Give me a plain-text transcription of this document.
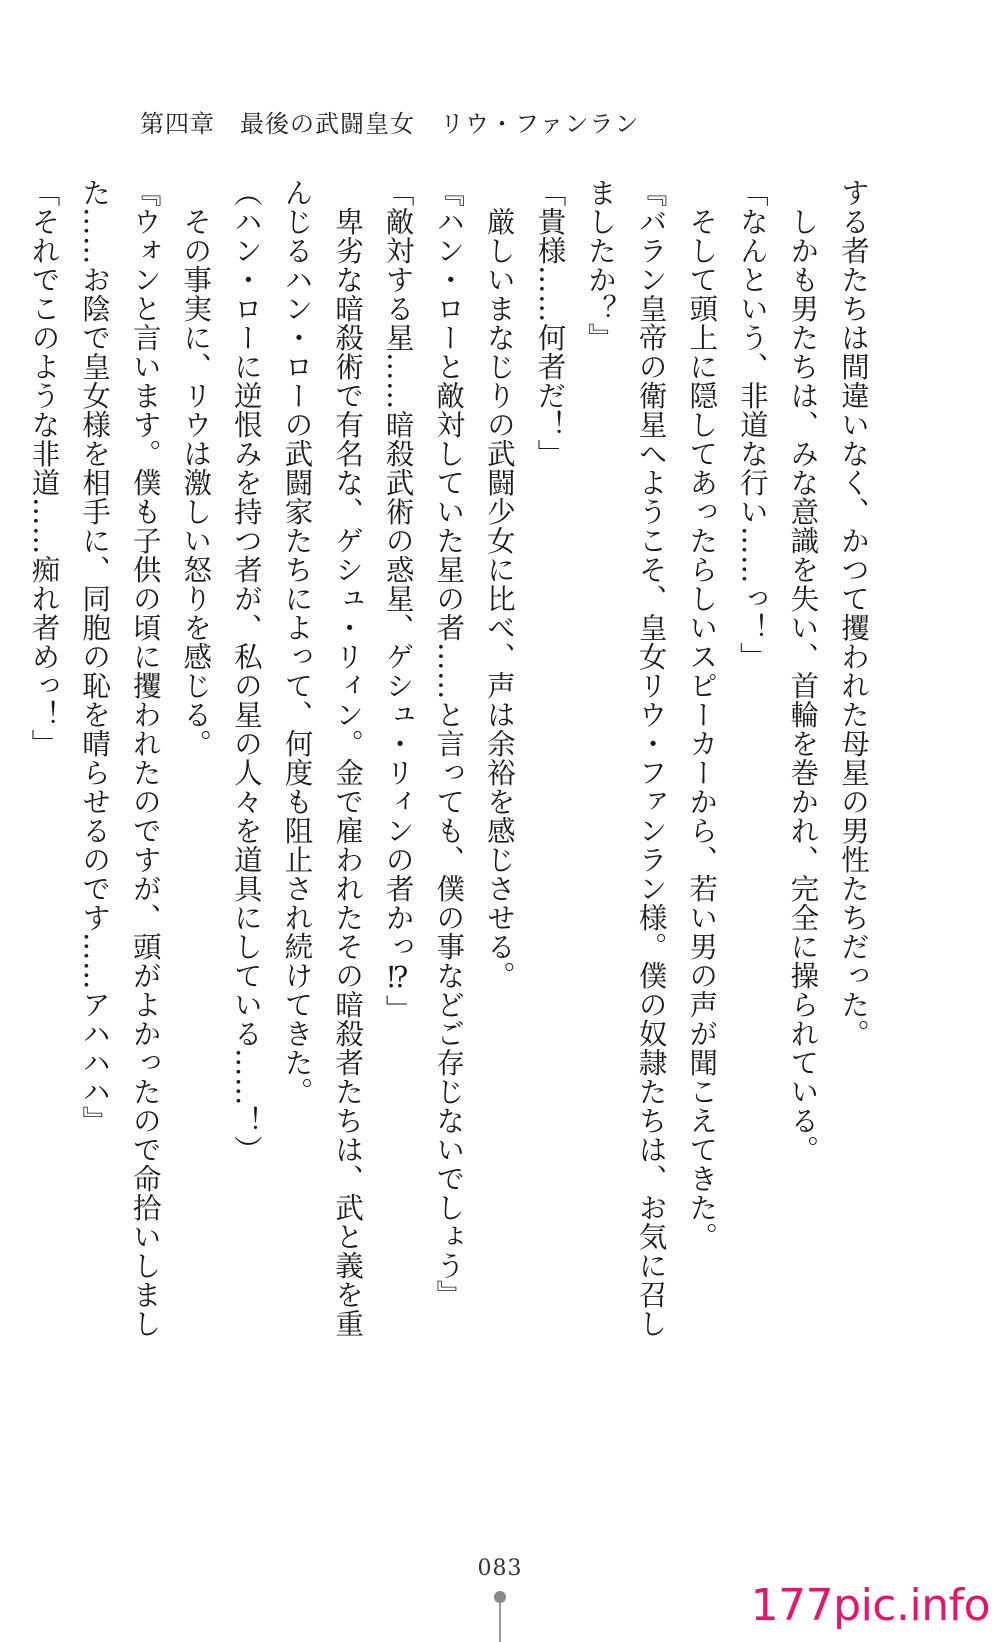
第四章　最後の武闘皇女　リウ・ファンラン
する者たちは間違いなく、かつて攫われた母星の男性たちだった。
　しかも男たちは、みな意識を失い、首輪を巻かれ、完全に操られている。
「なんという、非道な行い……っ！」
　そして頭上に隠してあったらしいスピーカーから、若い男の声が聞こえてきた。
『バラン皇帝の衛星へようこそ、皇女リウ・ファンラン様。僕の奴隷たちは、お気に召し
ましたか？』
「貴様……何者だ！」
　厳しいまなじりの武闘少女に比べ、声は余裕を感じさせる。
『ハン・ローと敵対していた星の者……と言っても、僕の事などご存じないでしょう』
「敵対する星……暗殺武術の惑星、ゲシュ・リィンの者かっ⁉」
　卑劣な暗殺術で有名な、ゲシュ・リィン。金で雇われたその暗殺者たちは、武と義を重
んじるハン・ローの武闘家たちによって、何度も阻止され続けてきた。
（ハン・ローに逆恨みを持つ者が、私の星の人々を道具にしている……！）
　その事実に、リウは激しい怒りを感じる。
『ウォンと言います。僕も子供の頃に攫われたのですが、頭がよかったので命拾いしまし
た……お陰で皇女様を相手に、同胞の恥を晴らせるのです……アハハハ』
「それでこのような非道……痴れ者めっ！」
083
177pic.info
